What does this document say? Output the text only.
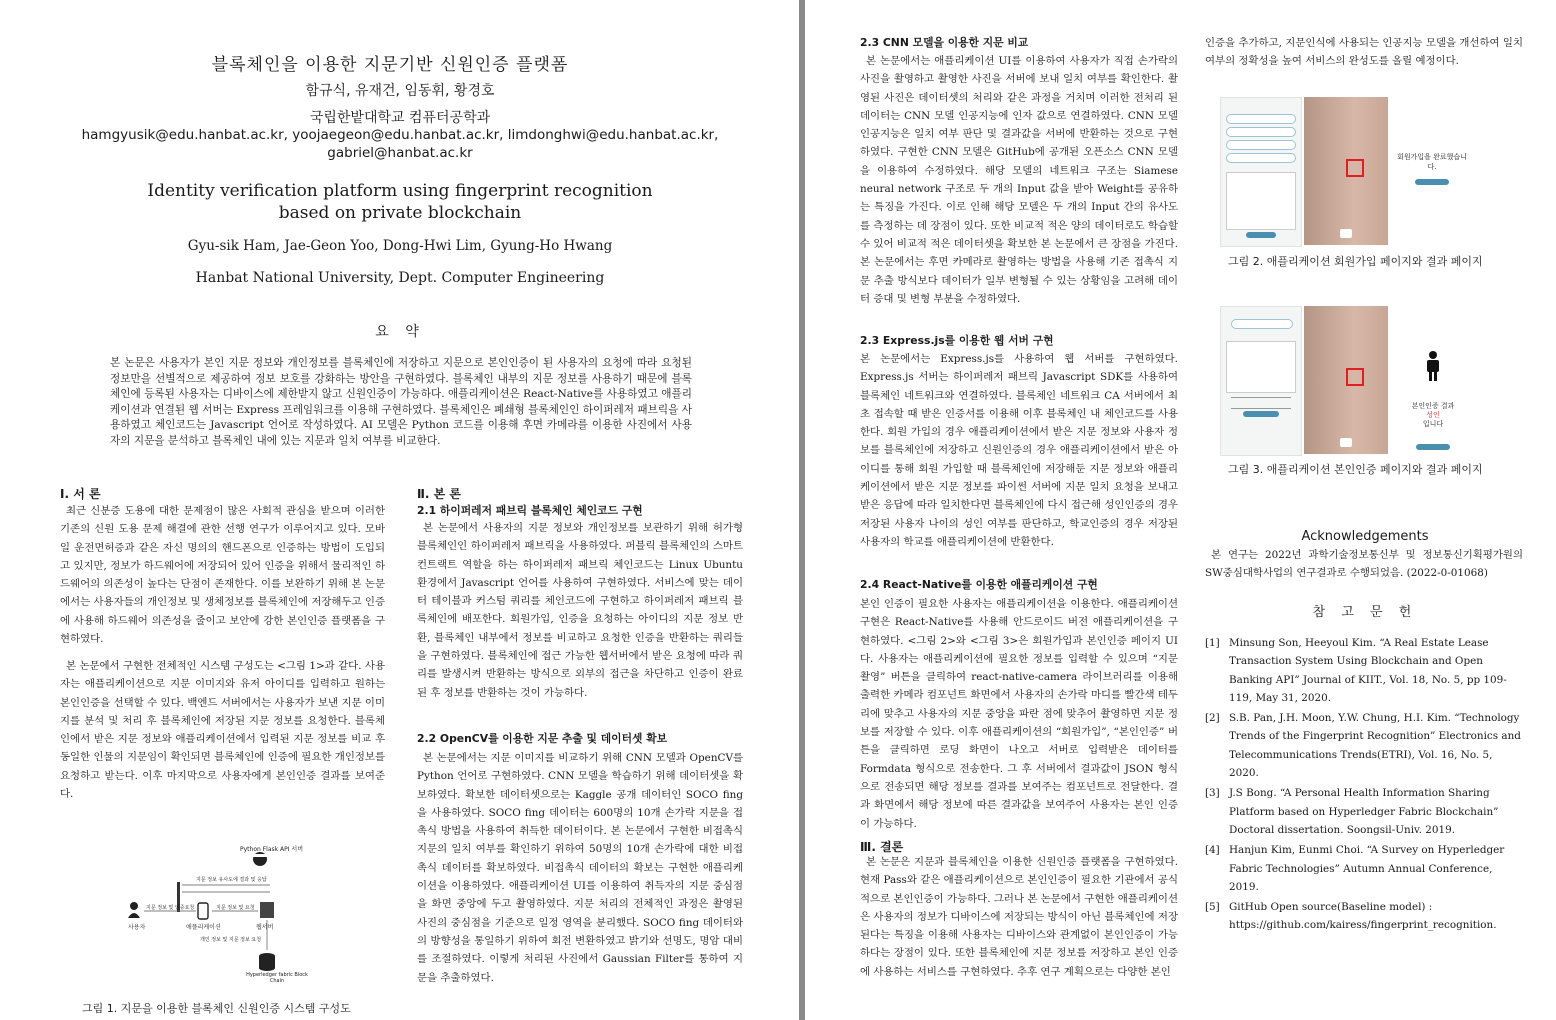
블록체인을 이용한 지문기반 신원인증 플랫폼
함규식, 유재건, 임동휘, 황경호
국립한밭대학교 컴퓨터공학과
hamgyusik@edu.hanbat.ac.kr, yoojaegeon@edu.hanbat.ac.kr, limdonghwi@edu.hanbat.ac.kr,
gabriel@hanbat.ac.kr
Identity verification platform using fingerprint recognition
based on private blockchain
Gyu-sik Ham, Jae-Geon Yoo, Dong-Hwi Lim, Gyung-Ho Hwang
Hanbat National University, Dept. Computer Engineering
요 약
본 논문은 사용자가 본인 지문 정보와 개인정보를 블록체인에 저장하고 지문으로 본인인증이 된 사용자의 요청에 따라 요청된 정보만을 선별적으로 제공하여 정보 보호를 강화하는 방안을 구현하였다. 블록체인 내부의 지문 정보를 사용하기 때문에 블록체인에 등록된 사용자는 디바이스에 제한받지 않고 신원인증이 가능하다. 애플리케이션은 React-Native를 사용하였고 애플리케이션과 연결된 웹 서버는 Express 프레임워크를 이용해 구현하였다. 블록체인은 폐쇄형 블록체인인 하이퍼레저 패브릭을 사용하였고 체인코드는 Javascript 언어로 작성하였다. AI 모델은 Python 코드를 이용해 후면 카메라를 이용한 사진에서 사용자의 지문을 분석하고 블록체인 내에 있는 지문과 일치 여부를 비교한다.
Ⅰ. 서 론
최근 신분증 도용에 대한 문제점이 많은 사회적 관심을 받으며 이러한 기존의 신원 도용 문제 해결에 관한 선행 연구가 이루어지고 있다. 모바일 운전면허증과 같은 자신 명의의 핸드폰으로 인증하는 방법이 도입되고 있지만, 정보가 하드웨어에 저장되어 있어 인증을 위해서 물리적인 하드웨어의 의존성이 높다는 단점이 존재한다. 이를 보완하기 위해 본 논문에서는 사용자들의 개인정보 및 생체정보를 블록체인에 저장해두고 인증에 사용해 하드웨어 의존성을 줄이고 보안에 강한 본인인증 플랫폼을 구현하였다.
본 논문에서 구현한 전체적인 시스템 구성도는 <그림 1>과 같다. 사용자는 애플리케이션으로 지문 이미지와 유저 아이디를 입력하고 원하는 본인인증을 선택할 수 있다. 백엔드 서버에서는 사용자가 보낸 지문 이미지를 분석 및 처리 후 블록체인에 저장된 지문 정보를 요청한다. 블록체인에서 받은 지문 정보와 애플리케이션에서 입력된 지문 정보를 비교 후 동일한 인물의 지문임이 확인되면 블록체인에 인증에 필요한 개인정보를 요청하고 받는다. 이후 마지막으로 사용자에게 본인인증 결과를 보여준다.
Python Flask API 서버
지문 정보 유사도에 결과 및 응답
지문 정보 및 인증요청	지문 정보 및 요청
사용자	애플리케이션	웹서버
개인 정보 및 지문 정보 요청
Hyperledger fabric Block Chain
그림 1. 지문을 이용한 블록체인 신원인증 시스템 구성도
Ⅱ. 본 론
2.1 하이퍼레저 패브릭 블록체인 체인코드 구현
본 논문에서 사용자의 지문 정보와 개인정보를 보관하기 위해 허가형 블록체인인 하이퍼레저 패브릭을 사용하였다. 퍼블릭 블록체인의 스마트컨트랙트 역할을 하는 하이퍼레저 패브릭 체인코드는 Linux Ubuntu 환경에서 Javascript 언어를 사용하여 구현하였다. 서비스에 맞는 데이터 테이블과 커스텀 쿼리를 체인코드에 구현하고 하이퍼레저 패브릭 블록체인에 배포한다. 회원가입, 인증을 요청하는 아이디의 지문 정보 반환, 블록체인 내부에서 정보를 비교하고 요청한 인증을 반환하는 쿼리들을 구현하였다. 블록체인에 접근 가능한 웹서버에서 받은 요청에 따라 쿼리를 발생시켜 반환하는 방식으로 외부의 접근을 차단하고 인증이 완료된 후 정보를 반환하는 것이 가능하다.
2.2 OpenCV를 이용한 지문 추출 및 데이터셋 확보
본 논문에서는 지문 이미지를 비교하기 위해 CNN 모델과 OpenCV를 Python 언어로 구현하였다. CNN 모델을 학습하기 위해 데이터셋을 확보하였다. 확보한 데이터셋으로는 Kaggle 공개 데이터인 SOCO fing을 사용하였다. SOCO fing 데이터는 600명의 10개 손가락 지문을 접촉식 방법을 사용하여 취득한 데이터이다. 본 논문에서 구현한 비접촉식 지문의 일치 여부를 확인하기 위하여 50명의 10개 손가락에 대한 비접촉식 데이터를 확보하였다. 비접촉식 데이터의 확보는 구현한 애플리케이션을 이용하였다. 애플리케이션 UI를 이용하여 취득자의 지문 중심점을 화면 중앙에 두고 촬영하였다. 지문 처리의 전체적인 과정은 촬영된 사진의 중심점을 기준으로 일정 영역을 분리했다. SOCO fing 데이터와의 방향성을 통일하기 위하여 회전 변환하였고 밝기와 선명도, 명암 대비를 조절하였다. 이렇게 처리된 사진에서 Gaussian Filter를 통하여 지문을 추출하였다.
2.3 CNN 모델을 이용한 지문 비교
본 논문에서는 애플리케이션 UI를 이용하여 사용자가 직접 손가락의 사진을 촬영하고 촬영한 사진을 서버에 보내 일치 여부를 확인한다. 촬영된 사진은 데이터셋의 처리와 같은 과정을 거치며 이러한 전처리 된 데이터는 CNN 모델 인공지능에 인자 값으로 연결하였다. CNN 모델 인공지능은 일치 여부 판단 및 결과값을 서버에 반환하는 것으로 구현하였다. 구현한 CNN 모델은 GitHub에 공개된 오픈소스 CNN 모델을 이용하여 수정하였다. 해당 모델의 네트워크 구조는 Siamese neural network 구조로 두 개의 Input 값을 받아 Weight를 공유하는 특징을 가진다. 이로 인해 해당 모델은 두 개의 Input 간의 유사도를 측정하는 데 장점이 있다. 또한 비교적 적은 양의 데이터로도 학습할 수 있어 비교적 적은 데이터셋을 확보한 본 논문에서 큰 장점을 가진다. 본 논문에서는 후면 카메라로 촬영하는 방법을 사용해 기존 접촉식 지문 추출 방식보다 데이터가 일부 변형될 수 있는 상황임을 고려해 데이터 증대 및 변형 부분을 수정하였다.
2.3 Express.js를 이용한 웹 서버 구현
본 논문에서는 Express.js를 사용하여 웹 서버를 구현하였다. Express.js 서버는 하이퍼레저 패브릭 Javascript SDK를 사용하여 블록체인 네트워크와 연결하였다. 블록체인 네트워크 CA 서버에서 최초 접속할 때 받은 인증서를 이용해 이후 블록체인 내 체인코드를 사용한다. 회원 가입의 경우 애플리케이션에서 받은 지문 정보와 사용자 정보를 블록체인에 저장하고 신원인증의 경우 애플리케이션에서 받은 아이디를 통해 회원 가입할 때 블록체인에 저장해둔 지문 정보와 애플리케이션에서 받은 지문 정보를 파이썬 서버에 지문 일치 요청을 보내고 받은 응답에 따라 일치한다면 블록체인에 다시 접근해 성인인증의 경우 저장된 사용자 나이의 성인 여부를 판단하고, 학교인증의 경우 저장된 사용자의 학교를 애플리케이션에 반환한다.
2.4 React-Native를 이용한 애플리케이션 구현
본인 인증이 필요한 사용자는 애플리케이션을 이용한다. 애플리케이션 구현은 React-Native를 사용해 안드로이드 버전 애플리케이션을 구현하였다. <그림 2>와 <그림 3>은 회원가입과 본인인증 페이지 UI다. 사용자는 애플리케이션에 필요한 정보를 입력할 수 있으며 “지문 촬영” 버튼을 클릭하여 react-native-camera 라이브러리를 이용해 출력한 카메라 컴포넌트 화면에서 사용자의 손가락 마디를 빨간색 테두리에 맞추고 사용자의 지문 중앙을 파란 점에 맞추어 촬영하면 지문 정보를 저장할 수 있다. 이후 애플리케이션의 “회원가입”, “본인인증” 버튼을 클릭하면 로딩 화면이 나오고 서버로 입력받은 데이터를 Formdata 형식으로 전송한다. 그 후 서버에서 결과값이 JSON 형식으로 전송되면 해당 정보를 결과를 보여주는 컴포넌트로 전달한다. 결과 화면에서 해당 정보에 따른 결과값을 보여주어 사용자는 본인 인증이 가능하다.
Ⅲ. 결론
본 논문은 지문과 블록체인을 이용한 신원인증 플랫폼을 구현하였다. 현재 Pass와 같은 애플리케이션으로 본인인증이 필요한 기관에서 공식적으로 본인인증이 가능하다. 그러나 본 논문에서 구현한 애플리케이션은 사용자의 정보가 디바이스에 저장되는 방식이 아닌 블록체인에 저장된다는 특징을 이용해 사용자는 디바이스와 관계없이 본인인증이 가능하다는 장점이 있다. 또한 블록체인에 지문 정보를 저장하고 본인 인증에 사용하는 서비스를 구현하였다. 추후 연구 계획으로는 다양한 본인
인증을 추가하고, 지문인식에 사용되는 인공지능 모델을 개선하여 일치 여부의 정확성을 높여 서비스의 완성도를 올릴 예정이다.
회원가입을 완료했습니다.
그림 2. 애플리케이션 회원가입 페이지와 결과 페이지
본인인증 결과
성인
입니다
그림 3. 애플리케이션 본인인증 페이지와 결과 페이지
Acknowledgements
본 연구는 2022년 과학기술정보통신부 및 정보통신기획평가원의 SW중심대학사업의 연구결과로 수행되었음. (2022-0-01068)
참 고 문 헌
[1] Minsung Son, Heeyoul Kim. “A Real Estate Lease Transaction System Using Blockchain and Open Banking API” Journal of KIIT., Vol. 18, No. 5, pp 109-119, May 31, 2020.
[2] S.B. Pan, J.H. Moon, Y.W. Chung, H.I. Kim. “Technology Trends of the Fingerprint Recognition” Electronics and Telecommunications Trends(ETRI), Vol. 16, No. 5, 2020.
[3] J.S Bong. “A Personal Health Information Sharing Platform based on Hyperledger Fabric Blockchain” Doctoral dissertation. Soongsil-Univ. 2019.
[4] Hanjun Kim, Eunmi Choi. “A Survey on Hyperledger Fabric Technologies” Autumn Annual Conference, 2019.
[5] GitHub Open source(Baseline model) : https://github.com/kairess/fingerprint_recognition.
